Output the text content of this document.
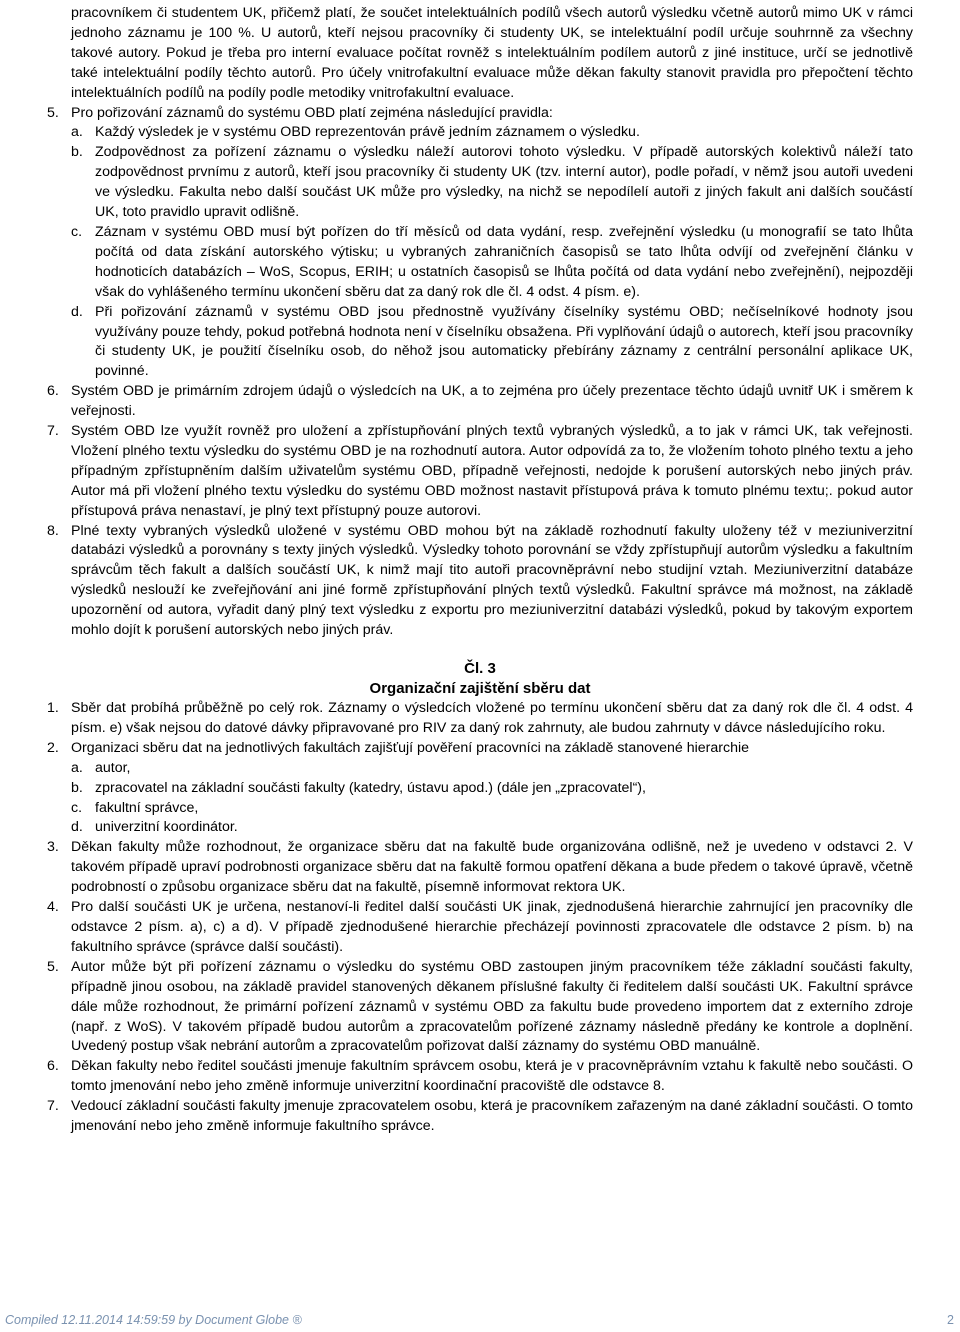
pracovníkem či studentem UK, přičemž platí, že součet intelektuálních podílů všech autorů výsledku včetně autorů mimo UK v rámci jednoho záznamu je 100 %. U autorů, kteří nejsou pracovníky či studenty UK, se intelektuální podíl určuje souhrnně za všechny takové autory. Pokud je třeba pro interní evaluace počítat rovněž s intelektuálním podílem autorů z jiné instituce, určí se jednotlivě také intelektuální podíly těchto autorů. Pro účely vnitrofakultní evaluace může děkan fakulty stanovit pravidla pro přepočtení těchto intelektuálních podílů na podíly podle metodiky vnitrofakultní evaluace.
5. Pro pořizování záznamů do systému OBD platí zejména následující pravidla:
a. Každý výsledek je v systému OBD reprezentován právě jedním záznamem o výsledku.
b. Zodpovědnost za pořízení záznamu o výsledku náleží autorovi tohoto výsledku. V případě autorských kolektivů náleží tato zodpovědnost prvnímu z autorů, kteří jsou pracovníky či studenty UK (tzv. interní autor), podle pořadí, v němž jsou autoři uvedeni ve výsledku. Fakulta nebo další součást UK může pro výsledky, na nichž se nepodílelí autoři z jiných fakult ani dalších součástí UK, toto pravidlo upravit odlišně.
c. Záznam v systému OBD musí být pořízen do tří měsíců od data vydání, resp. zveřejnění výsledku (u monografií se tato lhůta počítá od data získání autorského výtisku; u vybraných zahraničních časopisů se tato lhůta odvíjí od zveřejnění článku v hodnoticích databázích – WoS, Scopus, ERIH; u ostatních časopisů se lhůta počítá od data vydání nebo zveřejnění), nejpozději však do vyhlášeného termínu ukončení sběru dat za daný rok dle čl. 4 odst. 4 písm. e).
d. Při pořizování záznamů v systému OBD jsou přednostně využívány číselníky systému OBD; nečíselníkové hodnoty jsou využívány pouze tehdy, pokud potřebná hodnota není v číselníku obsažena. Při vyplňování údajů o autorech, kteří jsou pracovníky či studenty UK, je použití číselníku osob, do něhož jsou automaticky přebírány záznamy z centrální personální aplikace UK, povinné.
6. Systém OBD je primárním zdrojem údajů o výsledcích na UK, a to zejména pro účely prezentace těchto údajů uvnitř UK i směrem k veřejnosti.
7. Systém OBD lze využít rovněž pro uložení a zpřístupňování plných textů vybraných výsledků, a to jak v rámci UK, tak veřejnosti. Vložení plného textu výsledku do systému OBD je na rozhodnutí autora. Autor odpovídá za to, že vložením tohoto plného textu a jeho případným zpřístupněním dalším uživatelům systému OBD, případně veřejnosti, nedojde k porušení autorských nebo jiných práv. Autor má při vložení plného textu výsledku do systému OBD možnost nastavit přístupová práva k tomuto plnému textu;. pokud autor přístupová práva nenastaví, je plný text přístupný pouze autorovi.
8. Plné texty vybraných výsledků uložené v systému OBD mohou být na základě rozhodnutí fakulty uloženy též v meziuniverzitní databázi výsledků a porovnány s texty jiných výsledků. Výsledky tohoto porovnání se vždy zpřístupňují autorům výsledku a fakultním správcům těch fakult a dalších součástí UK, k nimž mají tito autoři pracovněprávní nebo studijní vztah. Meziuniverzitní databáze výsledků neslouží ke zveřejňování ani jiné formě zpřístupňování plných textů výsledků. Fakultní správce má možnost, na základě upozornění od autora, vyřadit daný plný text výsledku z exportu pro meziuniverzitní databázi výsledků, pokud by takovým exportem mohlo dojít k porušení autorských nebo jiných práv.
Čl. 3
Organizační zajištění sběru dat
1. Sběr dat probíhá průběžně po celý rok. Záznamy o výsledcích vložené po termínu ukončení sběru dat za daný rok dle čl. 4 odst. 4 písm. e) však nejsou do datové dávky připravované pro RIV za daný rok zahrnuty, ale budou zahrnuty v dávce následujícího roku.
2. Organizaci sběru dat na jednotlivých fakultách zajišťují pověření pracovníci na základě stanovené hierarchie
a. autor,
b. zpracovatel na základní součásti fakulty (katedry, ústavu apod.) (dále jen „zpracovatel“),
c. fakultní správce,
d. univerzitní koordinátor.
3. Děkan fakulty může rozhodnout, že organizace sběru dat na fakultě bude organizována odlišně, než je uvedeno v odstavci 2. V takovém případě upraví podrobnosti organizace sběru dat na fakultě formou opatření děkana a bude předem o takové úpravě, včetně podrobností o způsobu organizace sběru dat na fakultě, písemně informovat rektora UK.
4. Pro další součásti UK je určena, nestanoví-li ředitel další součásti UK jinak, zjednodušená hierarchie zahrnující jen pracovníky dle odstavce 2 písm. a), c) a d). V případě zjednodušené hierarchie přecházejí povinnosti zpracovatele dle odstavce 2 písm. b) na fakultního správce (správce další součásti).
5. Autor může být při pořízení záznamu o výsledku do systému OBD zastoupen jiným pracovníkem téže základní součásti fakulty, případně jinou osobou, na základě pravidel stanovených děkanem příslušné fakulty či ředitelem další součásti UK. Fakultní správce dále může rozhodnout, že primární pořízení záznamů v systému OBD za fakultu bude provedeno importem dat z externího zdroje (např. z WoS). V takovém případě budou autorům a zpracovatelům pořízené záznamy následně předány ke kontrole a doplnění. Uvedený postup však nebrání autorům a zpracovatelům pořizovat další záznamy do systému OBD manuálně.
6. Děkan fakulty nebo ředitel součásti jmenuje fakultním správcem osobu, která je v pracovněprávním vztahu k fakultě nebo součásti. O tomto jmenování nebo jeho změně informuje univerzitní koordinační pracoviště dle odstavce 8.
7. Vedoucí základní součásti fakulty jmenuje zpracovatelem osobu, která je pracovníkem zařazeným na dané základní součásti. O tomto jmenování nebo jeho změně informuje fakultního správce.
Compiled 12.11.2014 14:59:59 by Document Globe ®	2
